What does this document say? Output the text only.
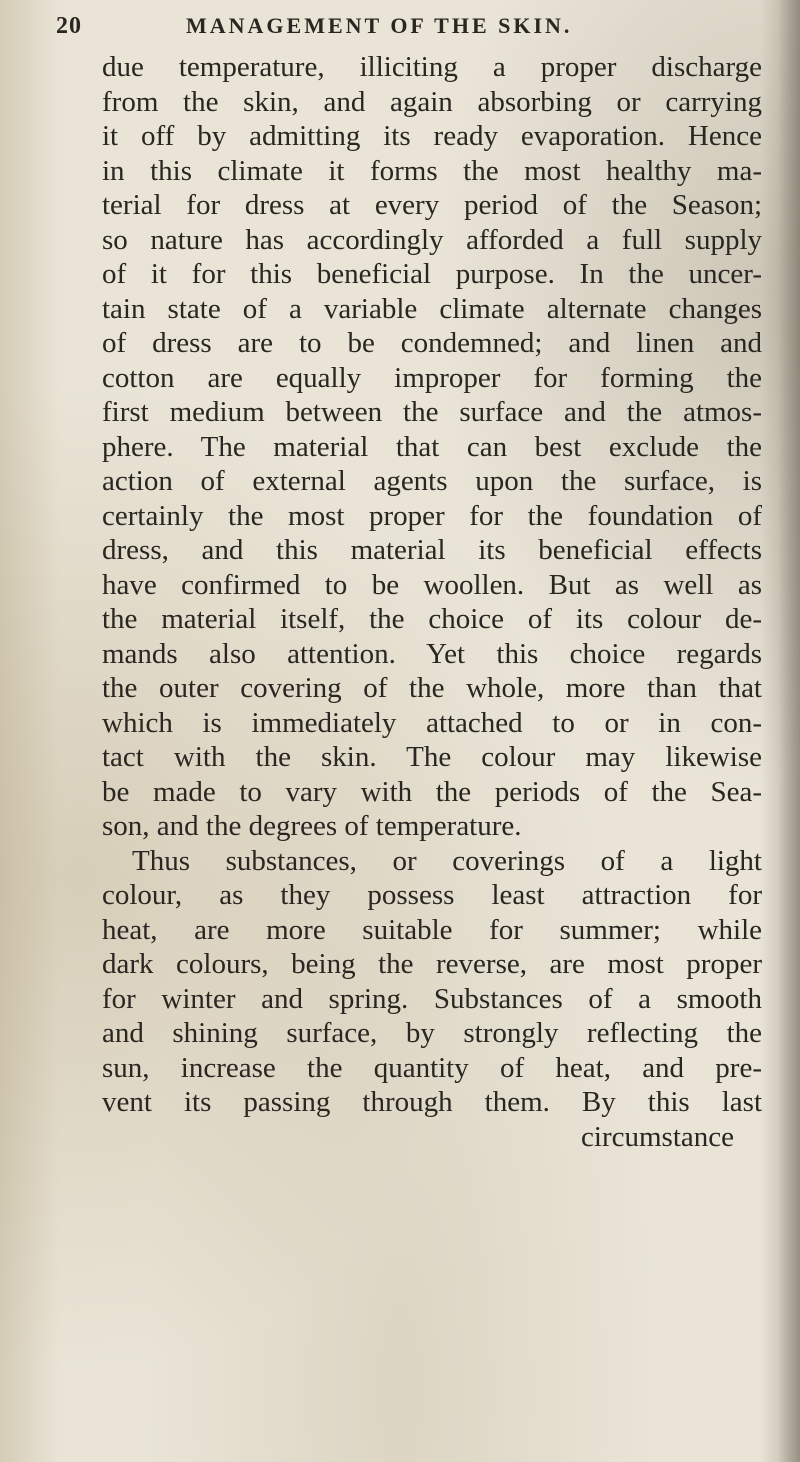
20	MANAGEMENT OF THE SKIN.
due temperature, illiciting a proper discharge
from the skin, and again absorbing or carrying
it off by admitting its ready evaporation. Hence
in this climate it forms the most healthy ma-
terial for dress at every period of the Season;
so nature has accordingly afforded a full supply
of it for this beneficial purpose. In the uncer-
tain state of a variable climate alternate changes
of dress are to be condemned; and linen and
cotton are equally improper for forming the
first medium between the surface and the atmos-
phere. The material that can best exclude the
action of external agents upon the surface, is
certainly the most proper for the foundation of
dress, and this material its beneficial effects
have confirmed to be woollen. But as well as
the material itself, the choice of its colour de-
mands also attention. Yet this choice regards
the outer covering of the whole, more than that
which is immediately attached to or in con-
tact with the skin. The colour may likewise
be made to vary with the periods of the Sea-
son, and the degrees of temperature.
Thus substances, or coverings of a light
colour, as they possess least attraction for
heat, are more suitable for summer; while
dark colours, being the reverse, are most proper
for winter and spring. Substances of a smooth
and shining surface, by strongly reflecting the
sun, increase the quantity of heat, and pre-
vent its passing through them. By this last
circumstance
